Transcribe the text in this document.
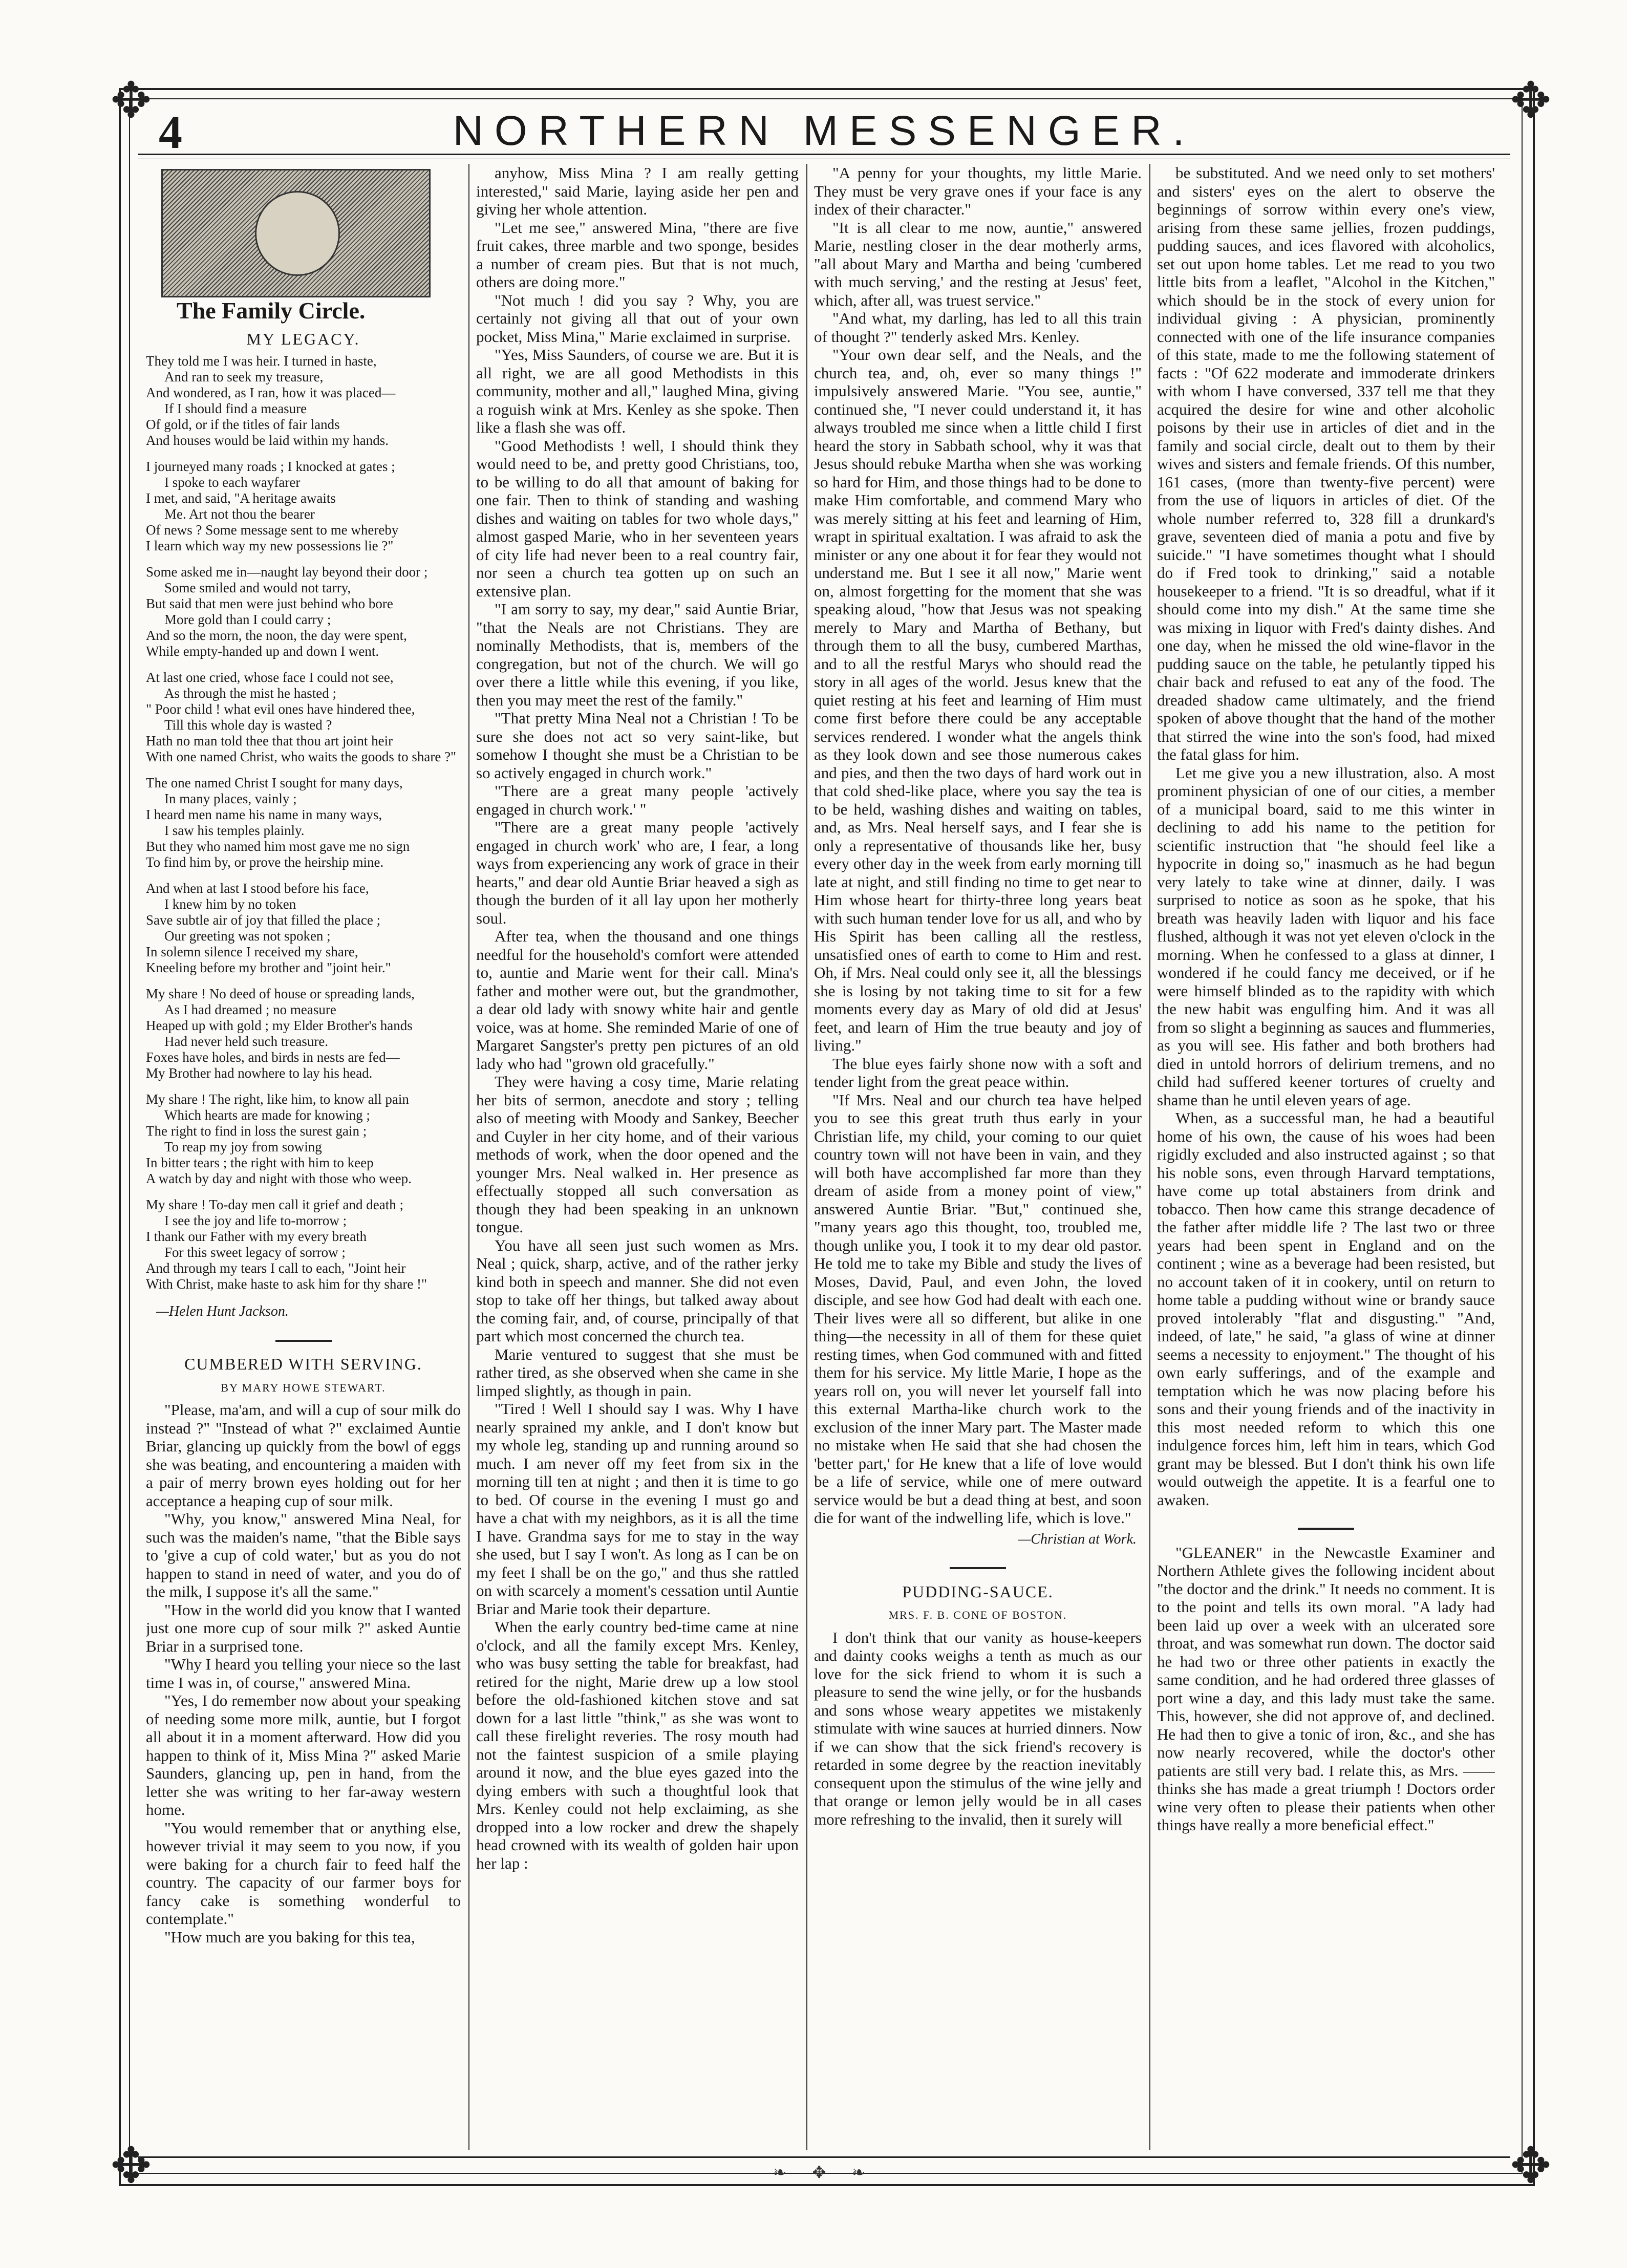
✥	✥
✥	✥
4	NORTHERN MESSENGER.
The Family Circle.
MY LEGACY.

They told me I was heir. I turned in haste,

And ran to seek my treasure,

And wondered, as I ran, how it was placed—

If I should find a measure

Of gold, or if the titles of fair lands

And houses would be laid within my hands.

I journeyed many roads ; I knocked at gates ;

I spoke to each wayfarer

I met, and said, "A heritage awaits

Me. Art not thou the bearer

Of news ? Some message sent to me whereby

I learn which way my new possessions lie ?"

Some asked me in—naught lay beyond their door ;

Some smiled and would not tarry,

But said that men were just behind who bore

More gold than I could carry ;

And so the morn, the noon, the day were spent,

While empty-handed up and down I went.

At last one cried, whose face I could not see,

As through the mist he hasted ;

" Poor child ! what evil ones have hindered thee,

Till this whole day is wasted ?

Hath no man told thee that thou art joint heir

With one named Christ, who waits the goods to share ?"

The one named Christ I sought for many days,

In many places, vainly ;

I heard men name his name in many ways,

I saw his temples plainly.

But they who named him most gave me no sign

To find him by, or prove the heirship mine.

And when at last I stood before his face,

I knew him by no token

Save subtle air of joy that filled the place ;

Our greeting was not spoken ;

In solemn silence I received my share,

Kneeling before my brother and "joint heir."

My share ! No deed of house or spreading lands,

As I had dreamed ; no measure

Heaped up with gold ; my Elder Brother's hands

Had never held such treasure.

Foxes have holes, and birds in nests are fed—

My Brother had nowhere to lay his head.

My share ! The right, like him, to know all pain

Which hearts are made for knowing ;

The right to find in loss the surest gain ;

To reap my joy from sowing

In bitter tears ; the right with him to keep

A watch by day and night with those who weep.

My share ! To-day men call it grief and death ;

I see the joy and life to-morrow ;

I thank our Father with my every breath

For this sweet legacy of sorrow ;

And through my tears I call to each, "Joint heir

With Christ, make haste to ask him for thy share !"

—Helen Hunt Jackson.
CUMBERED WITH SERVING.
BY MARY HOWE STEWART.

"Please, ma'am, and will a cup of sour milk do instead ?" "Instead of what ?" exclaimed Auntie Briar, glancing up quickly from the bowl of eggs she was beating, and encountering a maiden with a pair of merry brown eyes holding out for her acceptance a heaping cup of sour milk.

"Why, you know," answered Mina Neal, for such was the maiden's name, "that the Bible says to 'give a cup of cold water,' but as you do not happen to stand in need of water, and you do of the milk, I suppose it's all the same."

"How in the world did you know that I wanted just one more cup of sour milk ?" asked Auntie Briar in a surprised tone.

"Why I heard you telling your niece so the last time I was in, of course," answered Mina.

"Yes, I do remember now about your speaking of needing some more milk, auntie, but I forgot all about it in a moment afterward. How did you happen to think of it, Miss Mina ?" asked Marie Saunders, glancing up, pen in hand, from the letter she was writing to her far-away western home.

"You would remember that or anything else, however trivial it may seem to you now, if you were baking for a church fair to feed half the country. The capacity of our farmer boys for fancy cake is something wonderful to contemplate."

"How much are you baking for this tea,

anyhow, Miss Mina ? I am really getting interested," said Marie, laying aside her pen and giving her whole attention.

"Let me see," answered Mina, "there are five fruit cakes, three marble and two sponge, besides a number of cream pies. But that is not much, others are doing more."

"Not much ! did you say ? Why, you are certainly not giving all that out of your own pocket, Miss Mina," Marie exclaimed in surprise.

"Yes, Miss Saunders, of course we are. But it is all right, we are all good Methodists in this community, mother and all," laughed Mina, giving a roguish wink at Mrs. Kenley as she spoke. Then like a flash she was off.

"Good Methodists ! well, I should think they would need to be, and pretty good Christians, too, to be willing to do all that amount of baking for one fair. Then to think of standing and washing dishes and waiting on tables for two whole days," almost gasped Marie, who in her seventeen years of city life had never been to a real country fair, nor seen a church tea gotten up on such an extensive plan.

"I am sorry to say, my dear," said Auntie Briar, "that the Neals are not Christians. They are nominally Methodists, that is, members of the congregation, but not of the church. We will go over there a little while this evening, if you like, then you may meet the rest of the family."

"That pretty Mina Neal not a Christian ! To be sure she does not act so very saint-like, but somehow I thought she must be a Christian to be so actively engaged in church work."

"There are a great many people 'actively engaged in church work.' "

"There are a great many people 'actively engaged in church work' who are, I fear, a long ways from experiencing any work of grace in their hearts," and dear old Auntie Briar heaved a sigh as though the burden of it all lay upon her motherly soul.

After tea, when the thousand and one things needful for the household's comfort were attended to, auntie and Marie went for their call. Mina's father and mother were out, but the grandmother, a dear old lady with snowy white hair and gentle voice, was at home. She reminded Marie of one of Margaret Sangster's pretty pen pictures of an old lady who had "grown old gracefully."

They were having a cosy time, Marie relating her bits of sermon, anecdote and story ; telling also of meeting with Moody and Sankey, Beecher and Cuyler in her city home, and of their various methods of work, when the door opened and the younger Mrs. Neal walked in. Her presence as effectually stopped all such conversation as though they had been speaking in an unknown tongue.

You have all seen just such women as Mrs. Neal ; quick, sharp, active, and of the rather jerky kind both in speech and manner. She did not even stop to take off her things, but talked away about the coming fair, and, of course, principally of that part which most concerned the church tea.

Marie ventured to suggest that she must be rather tired, as she observed when she came in she limped slightly, as though in pain.

"Tired ! Well I should say I was. Why I have nearly sprained my ankle, and I don't know but my whole leg, standing up and running around so much. I am never off my feet from six in the morning till ten at night ; and then it is time to go to bed. Of course in the evening I must go and have a chat with my neighbors, as it is all the time I have. Grandma says for me to stay in the way she used, but I say I won't. As long as I can be on my feet I shall be on the go," and thus she rattled on with scarcely a moment's cessation until Auntie Briar and Marie took their departure.

When the early country bed-time came at nine o'clock, and all the family except Mrs. Kenley, who was busy setting the table for breakfast, had retired for the night, Marie drew up a low stool before the old-fashioned kitchen stove and sat down for a last little "think," as she was wont to call these firelight reveries. The rosy mouth had not the faintest suspicion of a smile playing around it now, and the blue eyes gazed into the dying embers with such a thoughtful look that Mrs. Kenley could not help exclaiming, as she dropped into a low rocker and drew the shapely head crowned with its wealth of golden hair upon her lap :

"A penny for your thoughts, my little Marie. They must be very grave ones if your face is any index of their character."

"It is all clear to me now, auntie," answered Marie, nestling closer in the dear motherly arms, "all about Mary and Martha and being 'cumbered with much serving,' and the resting at Jesus' feet, which, after all, was truest service."

"And what, my darling, has led to all this train of thought ?" tenderly asked Mrs. Kenley.

"Your own dear self, and the Neals, and the church tea, and, oh, ever so many things !" impulsively answered Marie. "You see, auntie," continued she, "I never could understand it, it has always troubled me since when a little child I first heard the story in Sabbath school, why it was that Jesus should rebuke Martha when she was working so hard for Him, and those things had to be done to make Him comfortable, and commend Mary who was merely sitting at his feet and learning of Him, wrapt in spiritual exaltation. I was afraid to ask the minister or any one about it for fear they would not understand me. But I see it all now," Marie went on, almost forgetting for the moment that she was speaking aloud, "how that Jesus was not speaking merely to Mary and Martha of Bethany, but through them to all the busy, cumbered Marthas, and to all the restful Marys who should read the story in all ages of the world. Jesus knew that the quiet resting at his feet and learning of Him must come first before there could be any acceptable services rendered. I wonder what the angels think as they look down and see those numerous cakes and pies, and then the two days of hard work out in that cold shed-like place, where you say the tea is to be held, washing dishes and waiting on tables, and, as Mrs. Neal herself says, and I fear she is only a representative of thousands like her, busy every other day in the week from early morning till late at night, and still finding no time to get near to Him whose heart for thirty-three long years beat with such human tender love for us all, and who by His Spirit has been calling all the restless, unsatisfied ones of earth to come to Him and rest. Oh, if Mrs. Neal could only see it, all the blessings she is losing by not taking time to sit for a few moments every day as Mary of old did at Jesus' feet, and learn of Him the true beauty and joy of living."

The blue eyes fairly shone now with a soft and tender light from the great peace within.

"If Mrs. Neal and our church tea have helped you to see this great truth thus early in your Christian life, my child, your coming to our quiet country town will not have been in vain, and they will both have accomplished far more than they dream of aside from a money point of view," answered Auntie Briar. "But," continued she, "many years ago this thought, too, troubled me, though unlike you, I took it to my dear old pastor. He told me to take my Bible and study the lives of Moses, David, Paul, and even John, the loved disciple, and see how God had dealt with each one. Their lives were all so different, but alike in one thing—the necessity in all of them for these quiet resting times, when God communed with and fitted them for his service. My little Marie, I hope as the years roll on, you will never let yourself fall into this external Martha-like church work to the exclusion of the inner Mary part. The Master made no mistake when He said that she had chosen the 'better part,' for He knew that a life of love would be a life of service, while one of mere outward service would be but a dead thing at best, and soon die for want of the indwelling life, which is love."

—Christian at Work.
PUDDING-SAUCE.
MRS. F. B. CONE OF BOSTON.

I don't think that our vanity as house-keepers and dainty cooks weighs a tenth as much as our love for the sick friend to whom it is such a pleasure to send the wine jelly, or for the husbands and sons whose weary appetites we mistakenly stimulate with wine sauces at hurried dinners. Now if we can show that the sick friend's recovery is retarded in some degree by the reaction inevitably consequent upon the stimulus of the wine jelly and that orange or lemon jelly would be in all cases more refreshing to the invalid, then it surely will

be substituted. And we need only to set mothers' and sisters' eyes on the alert to observe the beginnings of sorrow within every one's view, arising from these same jellies, frozen puddings, pudding sauces, and ices flavored with alcoholics, set out upon home tables. Let me read to you two little bits from a leaflet, "Alcohol in the Kitchen," which should be in the stock of every union for individual giving : A physician, prominently connected with one of the life insurance companies of this state, made to me the following statement of facts : "Of 622 moderate and immoderate drinkers with whom I have conversed, 337 tell me that they acquired the desire for wine and other alcoholic poisons by their use in articles of diet and in the family and social circle, dealt out to them by their wives and sisters and female friends. Of this number, 161 cases, (more than twenty-five percent) were from the use of liquors in articles of diet. Of the whole number referred to, 328 fill a drunkard's grave, seventeen died of mania a potu and five by suicide." "I have sometimes thought what I should do if Fred took to drinking," said a notable housekeeper to a friend. "It is so dreadful, what if it should come into my dish." At the same time she was mixing in liquor with Fred's dainty dishes. And one day, when he missed the old wine-flavor in the pudding sauce on the table, he petulantly tipped his chair back and refused to eat any of the food. The dreaded shadow came ultimately, and the friend spoken of above thought that the hand of the mother that stirred the wine into the son's food, had mixed the fatal glass for him.

Let me give you a new illustration, also. A most prominent physician of one of our cities, a member of a municipal board, said to me this winter in declining to add his name to the petition for scientific instruction that "he should feel like a hypocrite in doing so," inasmuch as he had begun very lately to take wine at dinner, daily. I was surprised to notice as soon as he spoke, that his breath was heavily laden with liquor and his face flushed, although it was not yet eleven o'clock in the morning. When he confessed to a glass at dinner, I wondered if he could fancy me deceived, or if he were himself blinded as to the rapidity with which the new habit was engulfing him. And it was all from so slight a beginning as sauces and flummeries, as you will see. His father and both brothers had died in untold horrors of delirium tremens, and no child had suffered keener tortures of cruelty and shame than he until eleven years of age.

When, as a successful man, he had a beautiful home of his own, the cause of his woes had been rigidly excluded and also instructed against ; so that his noble sons, even through Harvard temptations, have come up total abstainers from drink and tobacco. Then how came this strange decadence of the father after middle life ? The last two or three years had been spent in England and on the continent ; wine as a beverage had been resisted, but no account taken of it in cookery, until on return to home table a pudding without wine or brandy sauce proved intolerably "flat and disgusting." "And, indeed, of late," he said, "a glass of wine at dinner seems a necessity to enjoyment." The thought of his own early sufferings, and of the example and temptation which he was now placing before his sons and their young friends and of the inactivity in this most needed reform to which this one indulgence forces him, left him in tears, which God grant may be blessed. But I don't think his own life would outweigh the appetite. It is a fearful one to awaken.

"GLEANER" in the Newcastle Examiner and Northern Athlete gives the following incident about "the doctor and the drink." It needs no comment. It is to the point and tells its own moral. "A lady had been laid up over a week with an ulcerated sore throat, and was somewhat run down. The doctor said he had two or three other patients in exactly the same condition, and he had ordered three glasses of port wine a day, and this lady must take the same. This, however, she did not approve of, and declined. He had then to give a tonic of iron, &c., and she has now nearly recovered, while the doctor's other patients are still very bad. I relate this, as Mrs. —— thinks she has made a great triumph ! Doctors order wine very often to please their patients when other things have really a more beneficial effect."

❧ ✥ ❧
